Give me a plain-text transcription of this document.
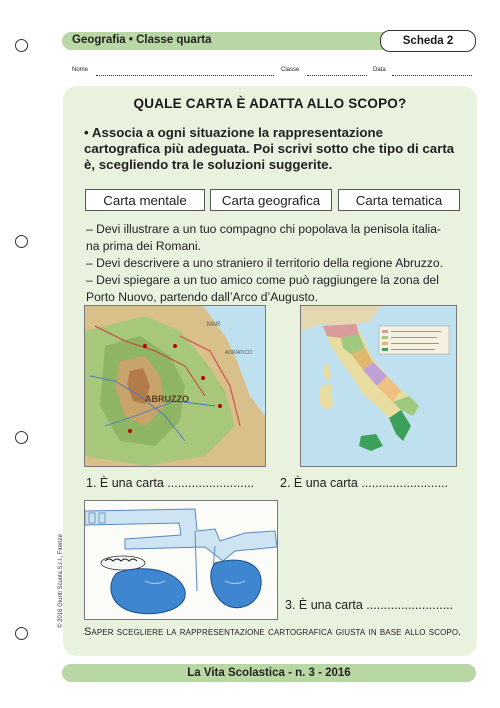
Geografia • Classe quarta	Scheda 2
Nome	Classe	Data
QUALE CARTA È ADATTA ALLO SCOPO?
• Associa a ogni situazione la rappresentazione
cartografica più adeguata. Poi scrivi sotto che tipo di carta
è, scegliendo tra le soluzioni suggerite.
Carta mentale	Carta geografica	Carta tematica
– Devi illustrare a un tuo compagno chi popolava la penisola italia-
na prima dei Romani.
– Devi descrivere a uno straniero il territorio della regione Abruzzo.
– Devi spiegare a un tuo amico come può raggiungere la zona del
Porto Nuovo, partendo dall’Arco d’Augusto.
MAR
ADRIATICO
ABRUZZO
1. È una carta ......................... 2. È una carta .........................
3. È una carta .........................
Saper scegliere la rappresentazione cartografica giusta in base allo scopo.
La Vita Scolastica - n. 3 - 2016
© 2016 Giunti Scuola S.r.l., Firenze
